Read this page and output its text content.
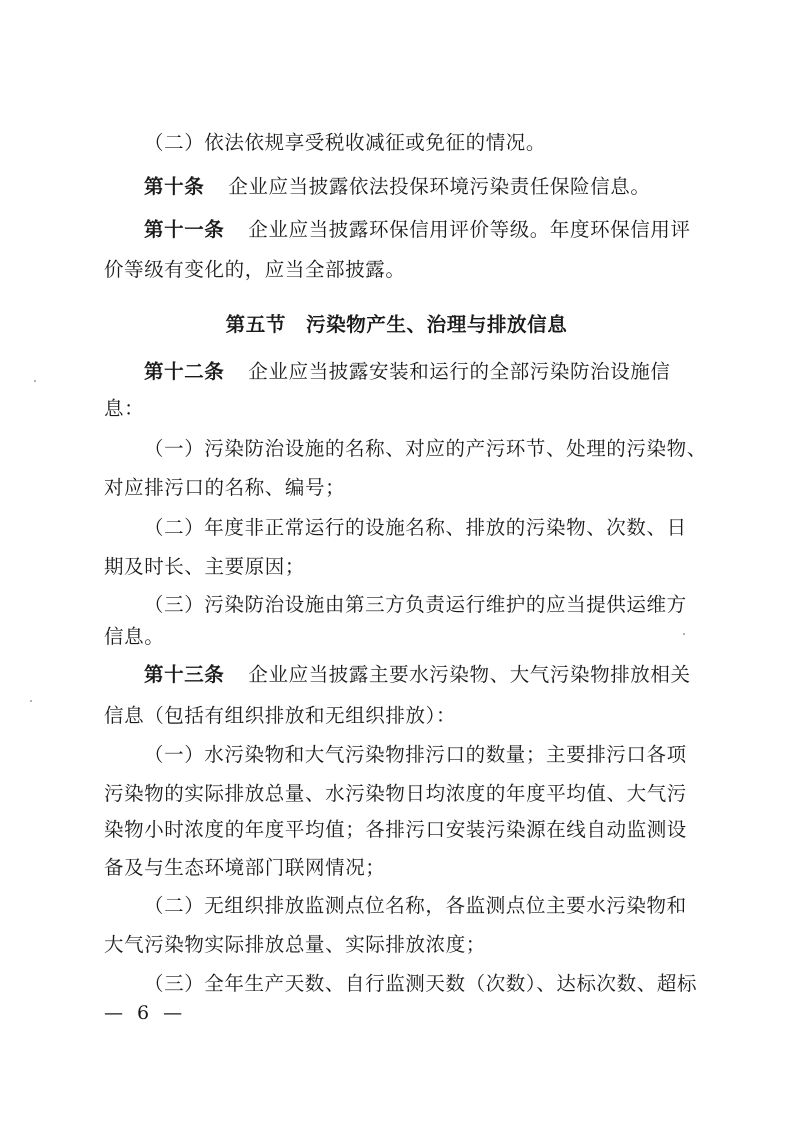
（二）依法依规享受税收减征或免征的情况。
第十条 企业应当披露依法投保环境污染责任保险信息。
第十一条 企业应当披露环保信用评价等级。年度环保信用评
价等级有变化的，应当全部披露。
第五节　污染物产生、治理与排放信息
第十二条 企业应当披露安装和运行的全部污染防治设施信
息：
（一）污染防治设施的名称、对应的产污环节、处理的污染物、
对应排污口的名称、编号；
（二）年度非正常运行的设施名称、排放的污染物、次数、日
期及时长、主要原因；
（三）污染防治设施由第三方负责运行维护的应当提供运维方
信息。
第十三条 企业应当披露主要水污染物、大气污染物排放相关
信息（包括有组织排放和无组织排放）：
（一）水污染物和大气污染物排污口的数量；主要排污口各项
污染物的实际排放总量、水污染物日均浓度的年度平均值、大气污
染物小时浓度的年度平均值；各排污口安装污染源在线自动监测设
备及与生态环境部门联网情况；
（二）无组织排放监测点位名称，各监测点位主要水污染物和
大气污染物实际排放总量、实际排放浓度；
（三）全年生产天数、自行监测天数（次数）、达标次数、超标
— 6 —
